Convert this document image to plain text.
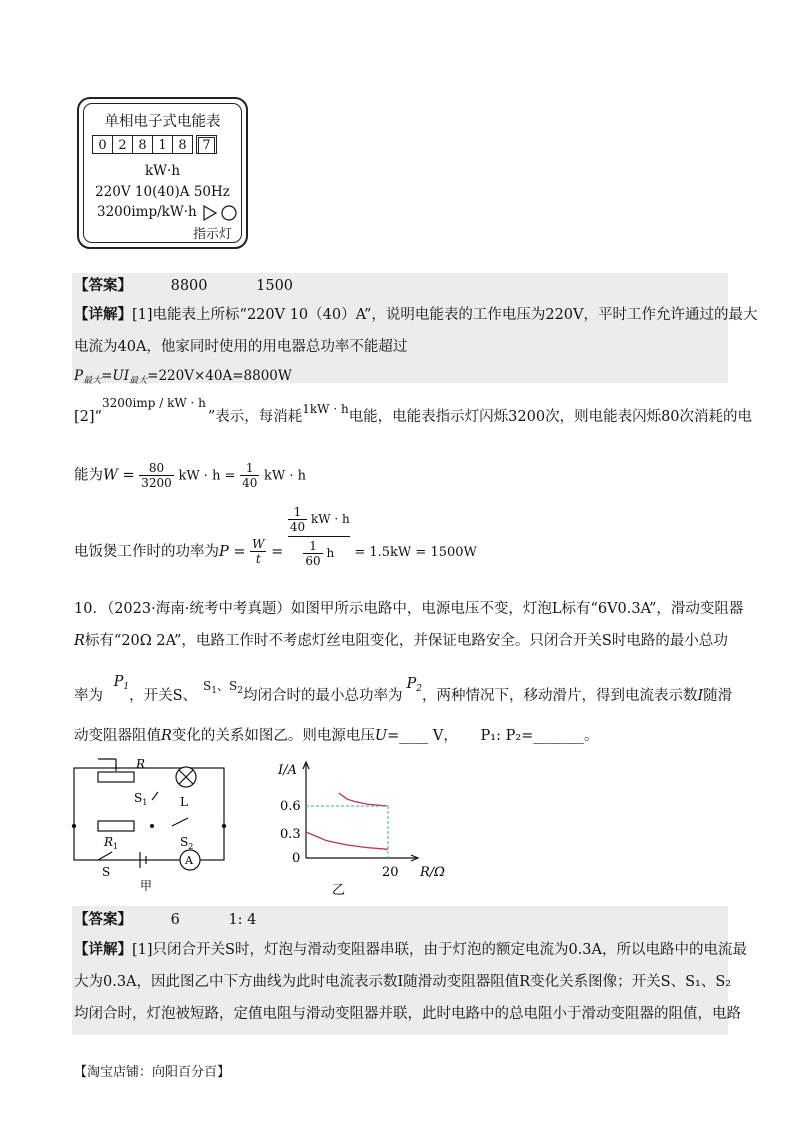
单相电子式电能表
0 2 8 1 8	7
kW·h
220V 10(40)A 50Hz
3200imp/kW·h
指示灯
【答案】	8800	1500
【详解】[1]电能表上所标“220V 10（40）A”，说明电能表的工作电压为220V，平时工作允许通过的最大
电流为40A，他家同时使用的用电器总功率不能超过
$P_{最大}=UI_{最大}=220V\times 40A=8800W$
[2]“$^{3200imp / kW \cdot h}$”表示，每消耗$^{1kW \cdot h}$电能，电能表指示灯闪烁3200次，则电能表闪烁80次消耗的电
能为$W = \frac{80}{3200}$ kW · $h = \frac{1}{40}$ kW · h
电饭煲工作时的功率为$P = \frac{W}{t} = \frac{\frac{1}{40} kW \cdot h}{\frac{1}{60} h} = 1.5kW = 1500W$
10．（2023·海南·统考中考真题）如图甲所示电路中，电源电压不变，灯泡L标有“6V0.3A”，滑动变阻器
R标有“20Ω 2A”，电路工作时不考虑灯丝电阻变化，并保证电路安全。只闭合开关S时电路的最小总功
率为 $P_1$，开关S、$^{S_1、S_2}$均闭合时的最小总功率为$P_2$，两种情况下，移动滑片，得到电流表示数I随滑
动变阻器阻值R变化的关系如图乙。则电源电压U=____ V， P₁: P₂=_______。
R
$S_1$	L
$R_1$	$S_2$
S
A
甲
I/A
R/Ω
0.6
0.3
0
20
乙
【答案】	6	1: 4
【详解】[1]只闭合开关S时，灯泡与滑动变阻器串联，由于灯泡的额定电流为0.3A，所以电路中的电流最
大为0.3A，因此图乙中下方曲线为此时电流表示数I随滑动变阻器阻值R变化关系图像；开关S、S₁、S₂
均闭合时，灯泡被短路，定值电阻与滑动变阻器并联，此时电路中的总电阻小于滑动变阻器的阻值，电路
【淘宝店铺：向阳百分百】
